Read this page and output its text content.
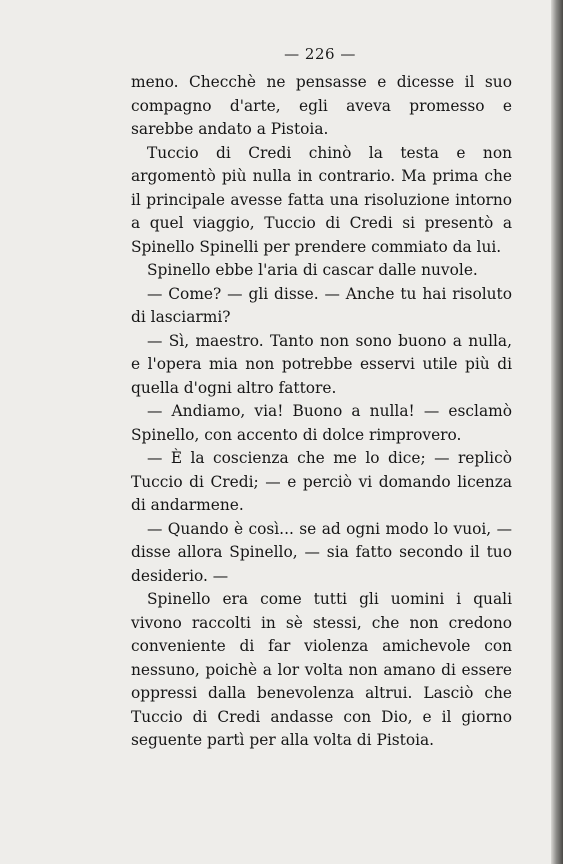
— 226 —

meno. Checchè ne pensasse e dicesse il suo compagno d'arte, egli aveva promesso e sarebbe andato a Pistoia.

Tuccio di Credi chinò la testa e non argomentò più nulla in contrario. Ma prima che il principale avesse fatta una risoluzione intorno a quel viaggio, Tuccio di Credi si presentò a Spinello Spinelli per prendere commiato da lui.

Spinello ebbe l'aria di cascar dalle nuvole.

— Come? — gli disse. — Anche tu hai risoluto di lasciarmi?

— Sì, maestro. Tanto non sono buono a nulla, e l'opera mia non potrebbe esservi utile più di quella d'ogni altro fattore.

— Andiamo, via! Buono a nulla! — esclamò Spinello, con accento di dolce rimprovero.

— È la coscienza che me lo dice; — replicò Tuccio di Credi; — e perciò vi domando licenza di andarmene.

— Quando è così... se ad ogni modo lo vuoi, — disse allora Spinello, — sia fatto secondo il tuo desiderio. —

Spinello era come tutti gli uomini i quali vivono raccolti in sè stessi, che non credono conveniente di far violenza amichevole con nessuno, poichè a lor volta non amano di essere oppressi dalla benevolenza altrui. Lasciò che Tuccio di Credi andasse con Dio, e il giorno seguente partì per alla volta di Pistoia.
